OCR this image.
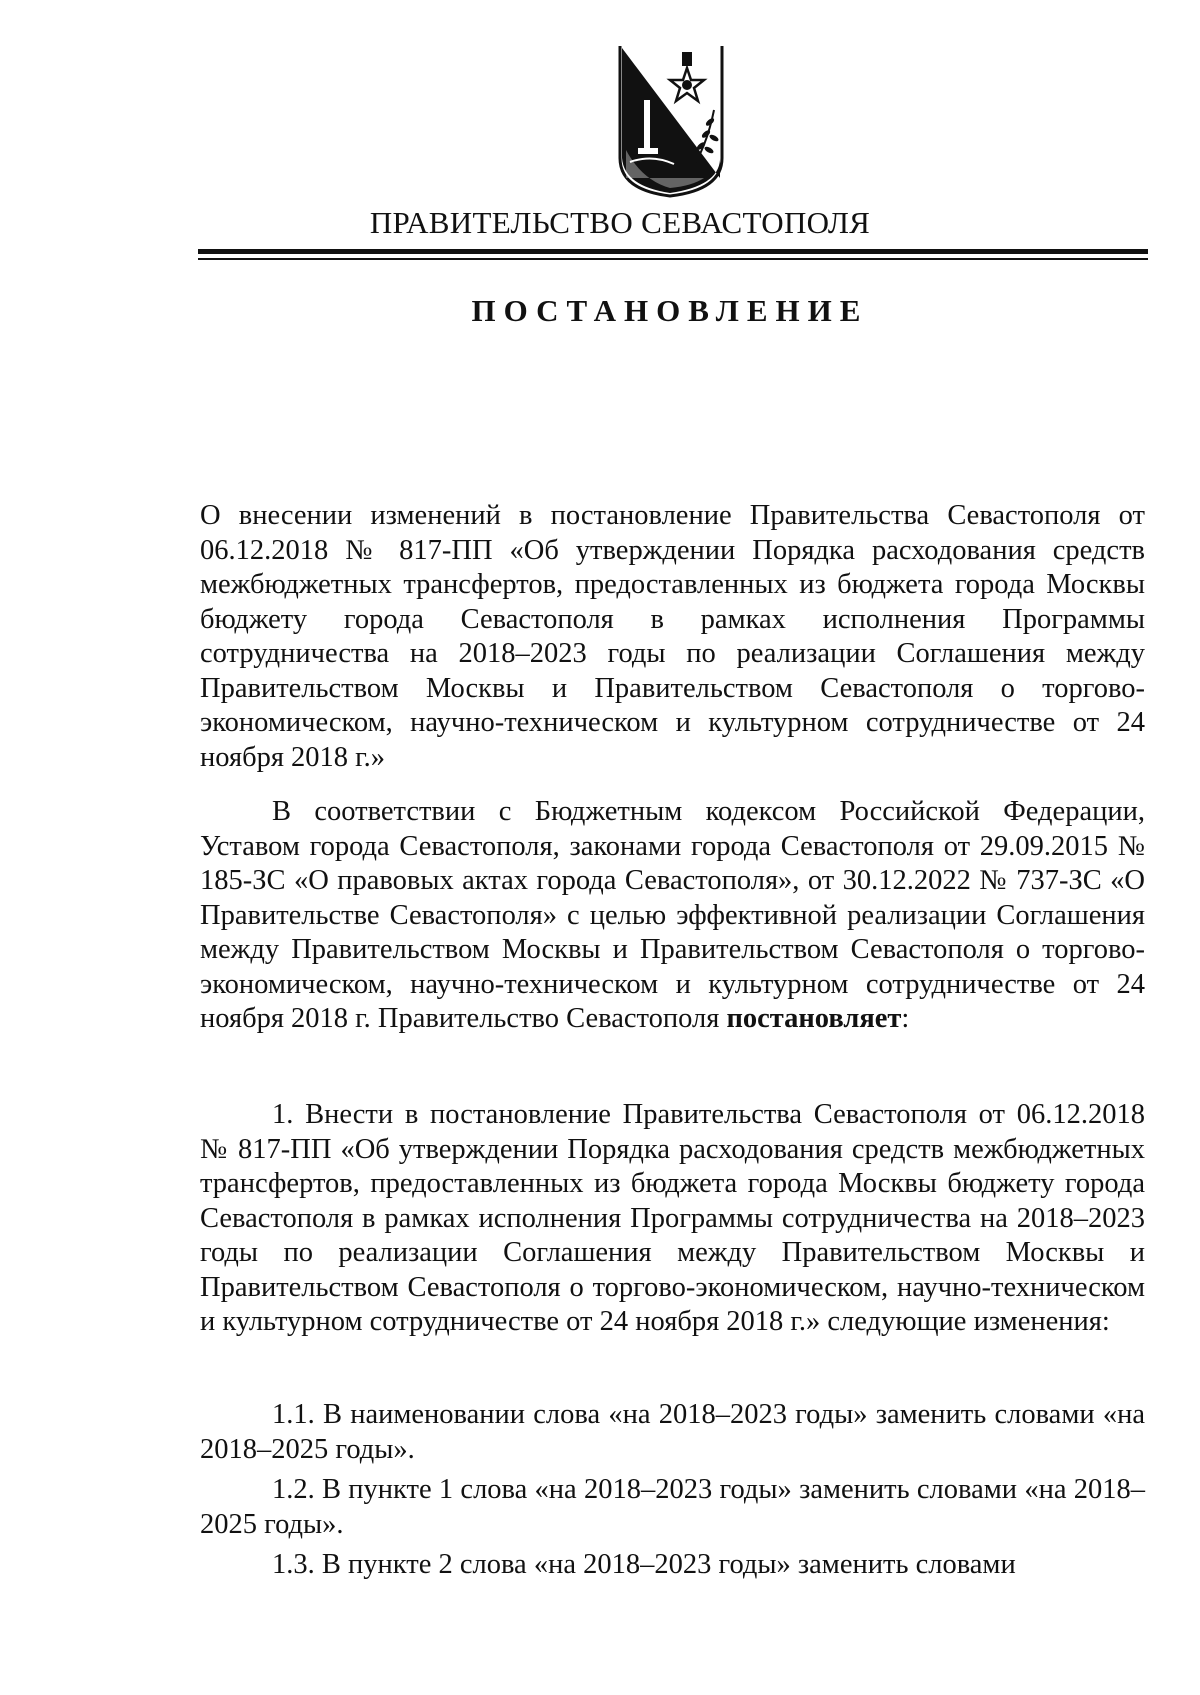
ПРАВИТЕЛЬСТВО СЕВАСТОПОЛЯ
ПОСТАНОВЛЕНИЕ

О внесении изменений в постановление Правительства Севастополя от 06.12.2018 № 817-ПП «Об утверждении Порядка расходования средств межбюджетных трансфертов, предоставленных из бюджета города Москвы бюджету города Севастополя в рамках исполнения Программы сотрудничества на 2018–2023 годы по реализации Соглашения между Правительством Москвы и Правительством Севастополя о торгово-экономическом, научно-техническом и культурном сотрудничестве от 24 ноября 2018 г.»

В соответствии с Бюджетным кодексом Российской Федерации, Уставом города Севастополя, законами города Севастополя от 29.09.2015 № 185-ЗС «О правовых актах города Севастополя», от 30.12.2022 № 737-ЗС «О Правительстве Севастополя» с целью эффективной реализации Соглашения между Правительством Москвы и Правительством Севастополя о торгово-экономическом, научно-техническом и культурном сотрудничестве от 24 ноября 2018 г. Правительство Севастополя постановляет:

1. Внести в постановление Правительства Севастополя от 06.12.2018 № 817-ПП «Об утверждении Порядка расходования средств межбюджетных трансфертов, предоставленных из бюджета города Москвы бюджету города Севастополя в рамках исполнения Программы сотрудничества на 2018–2023 годы по реализации Соглашения между Правительством Москвы и Правительством Севастополя о торгово-экономическом, научно-техническом и культурном сотрудничестве от 24 ноября 2018 г.» следующие изменения:

1.1. В наименовании слова «на 2018–2023 годы» заменить словами «на 2018–2025 годы».

1.2. В пункте 1 слова «на 2018–2023 годы» заменить словами «на 2018–2025 годы».

1.3. В пункте 2 слова «на 2018–2023 годы» заменить словами
